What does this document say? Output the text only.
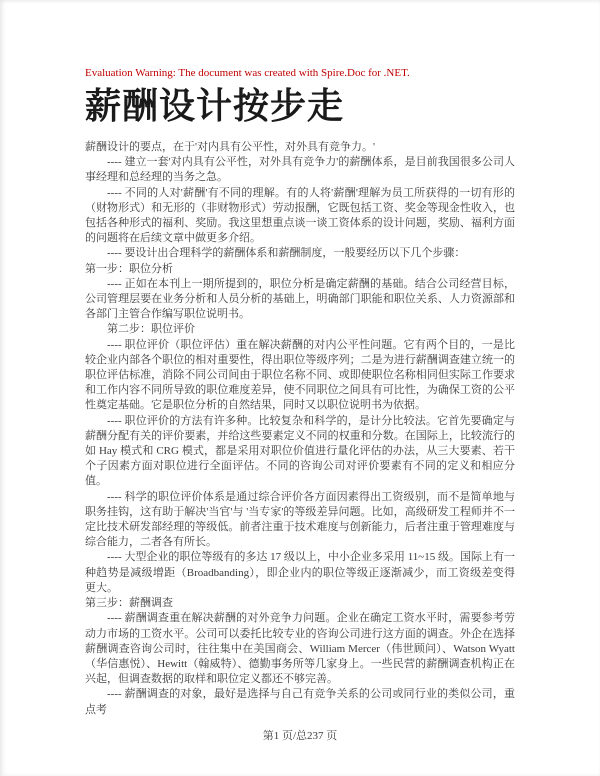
Evaluation Warning: The document was created with Spire.Doc for .NET.
薪酬设计按步走

薪酬设计的要点，在于'对内具有公平性，对外具有竞争力。'

---- 建立一套'对内具有公平性，对外具有竞争力'的薪酬体系，是目前我国很多公司人事经理和总经理的当务之急。

---- 不同的人对'薪酬'有不同的理解。有的人将'薪酬'理解为员工所获得的一切有形的（财物形式）和无形的（非财物形式）劳动报酬，它既包括工资、奖金等现金性收入，也包括各种形式的福利、奖励。我这里想重点谈一谈工资体系的设计问题，奖励、福利方面的问题将在后续文章中做更多介绍。

---- 要设计出合理科学的薪酬体系和薪酬制度，一般要经历以下几个步骤：

第一步：职位分析

---- 正如在本刊上一期所提到的，职位分析是确定薪酬的基础。结合公司经营目标，公司管理层要在业务分析和人员分析的基础上，明确部门职能和职位关系、人力资源部和各部门主管合作编写职位说明书。

第二步：职位评价

---- 职位评价（职位评估）重在解决薪酬的对内公平性问题。它有两个目的，一是比较企业内部各个职位的相对重要性，得出职位等级序列；二是为进行薪酬调查建立统一的职位评估标准，消除不同公司间由于职位名称不同、或即使职位名称相同但实际工作要求和工作内容不同所导致的职位难度差异，使不同职位之间具有可比性，为确保工资的公平性奠定基础。它是职位分析的自然结果，同时又以职位说明书为依据。

---- 职位评价的方法有许多种。比较复杂和科学的，是计分比较法。它首先要确定与薪酬分配有关的评价要素，并给这些要素定义不同的权重和分数。在国际上，比较流行的如 Hay 模式和 CRG 模式，都是采用对职位价值进行量化评估的办法，从三大要素、若干个子因素方面对职位进行全面评估。不同的咨询公司对评价要素有不同的定义和相应分值。

---- 科学的职位评价体系是通过综合评价各方面因素得出工资级别，而不是简单地与职务挂钩，这有助于解决'当官'与 '当专家'的等级差异问题。比如，高级研发工程师并不一定比技术研发部经理的等级低。前者注重于技术难度与创新能力，后者注重于管理难度与综合能力，二者各有所长。

---- 大型企业的职位等级有的多达 17 级以上，中小企业多采用 11~15 级。国际上有一种趋势是减级增距（Broadbanding），即企业内的职位等级正逐渐减少，而工资级差变得更大。

第三步：薪酬调查

---- 薪酬调查重在解决薪酬的对外竞争力问题。企业在确定工资水平时，需要参考劳动力市场的工资水平。公司可以委托比较专业的咨询公司进行这方面的调查。外企在选择薪酬调查咨询公司时，往往集中在美国商会、William Mercer（伟世顾问）、Watson Wyatt（华信惠悦）、Hewitt（翰威特）、德勤事务所等几家身上。一些民营的薪酬调查机构正在兴起，但调查数据的取样和职位定义都还不够完善。

---- 薪酬调查的对象，最好是选择与自己有竞争关系的公司或同行业的类似公司，重点考

第1 页/总237 页
